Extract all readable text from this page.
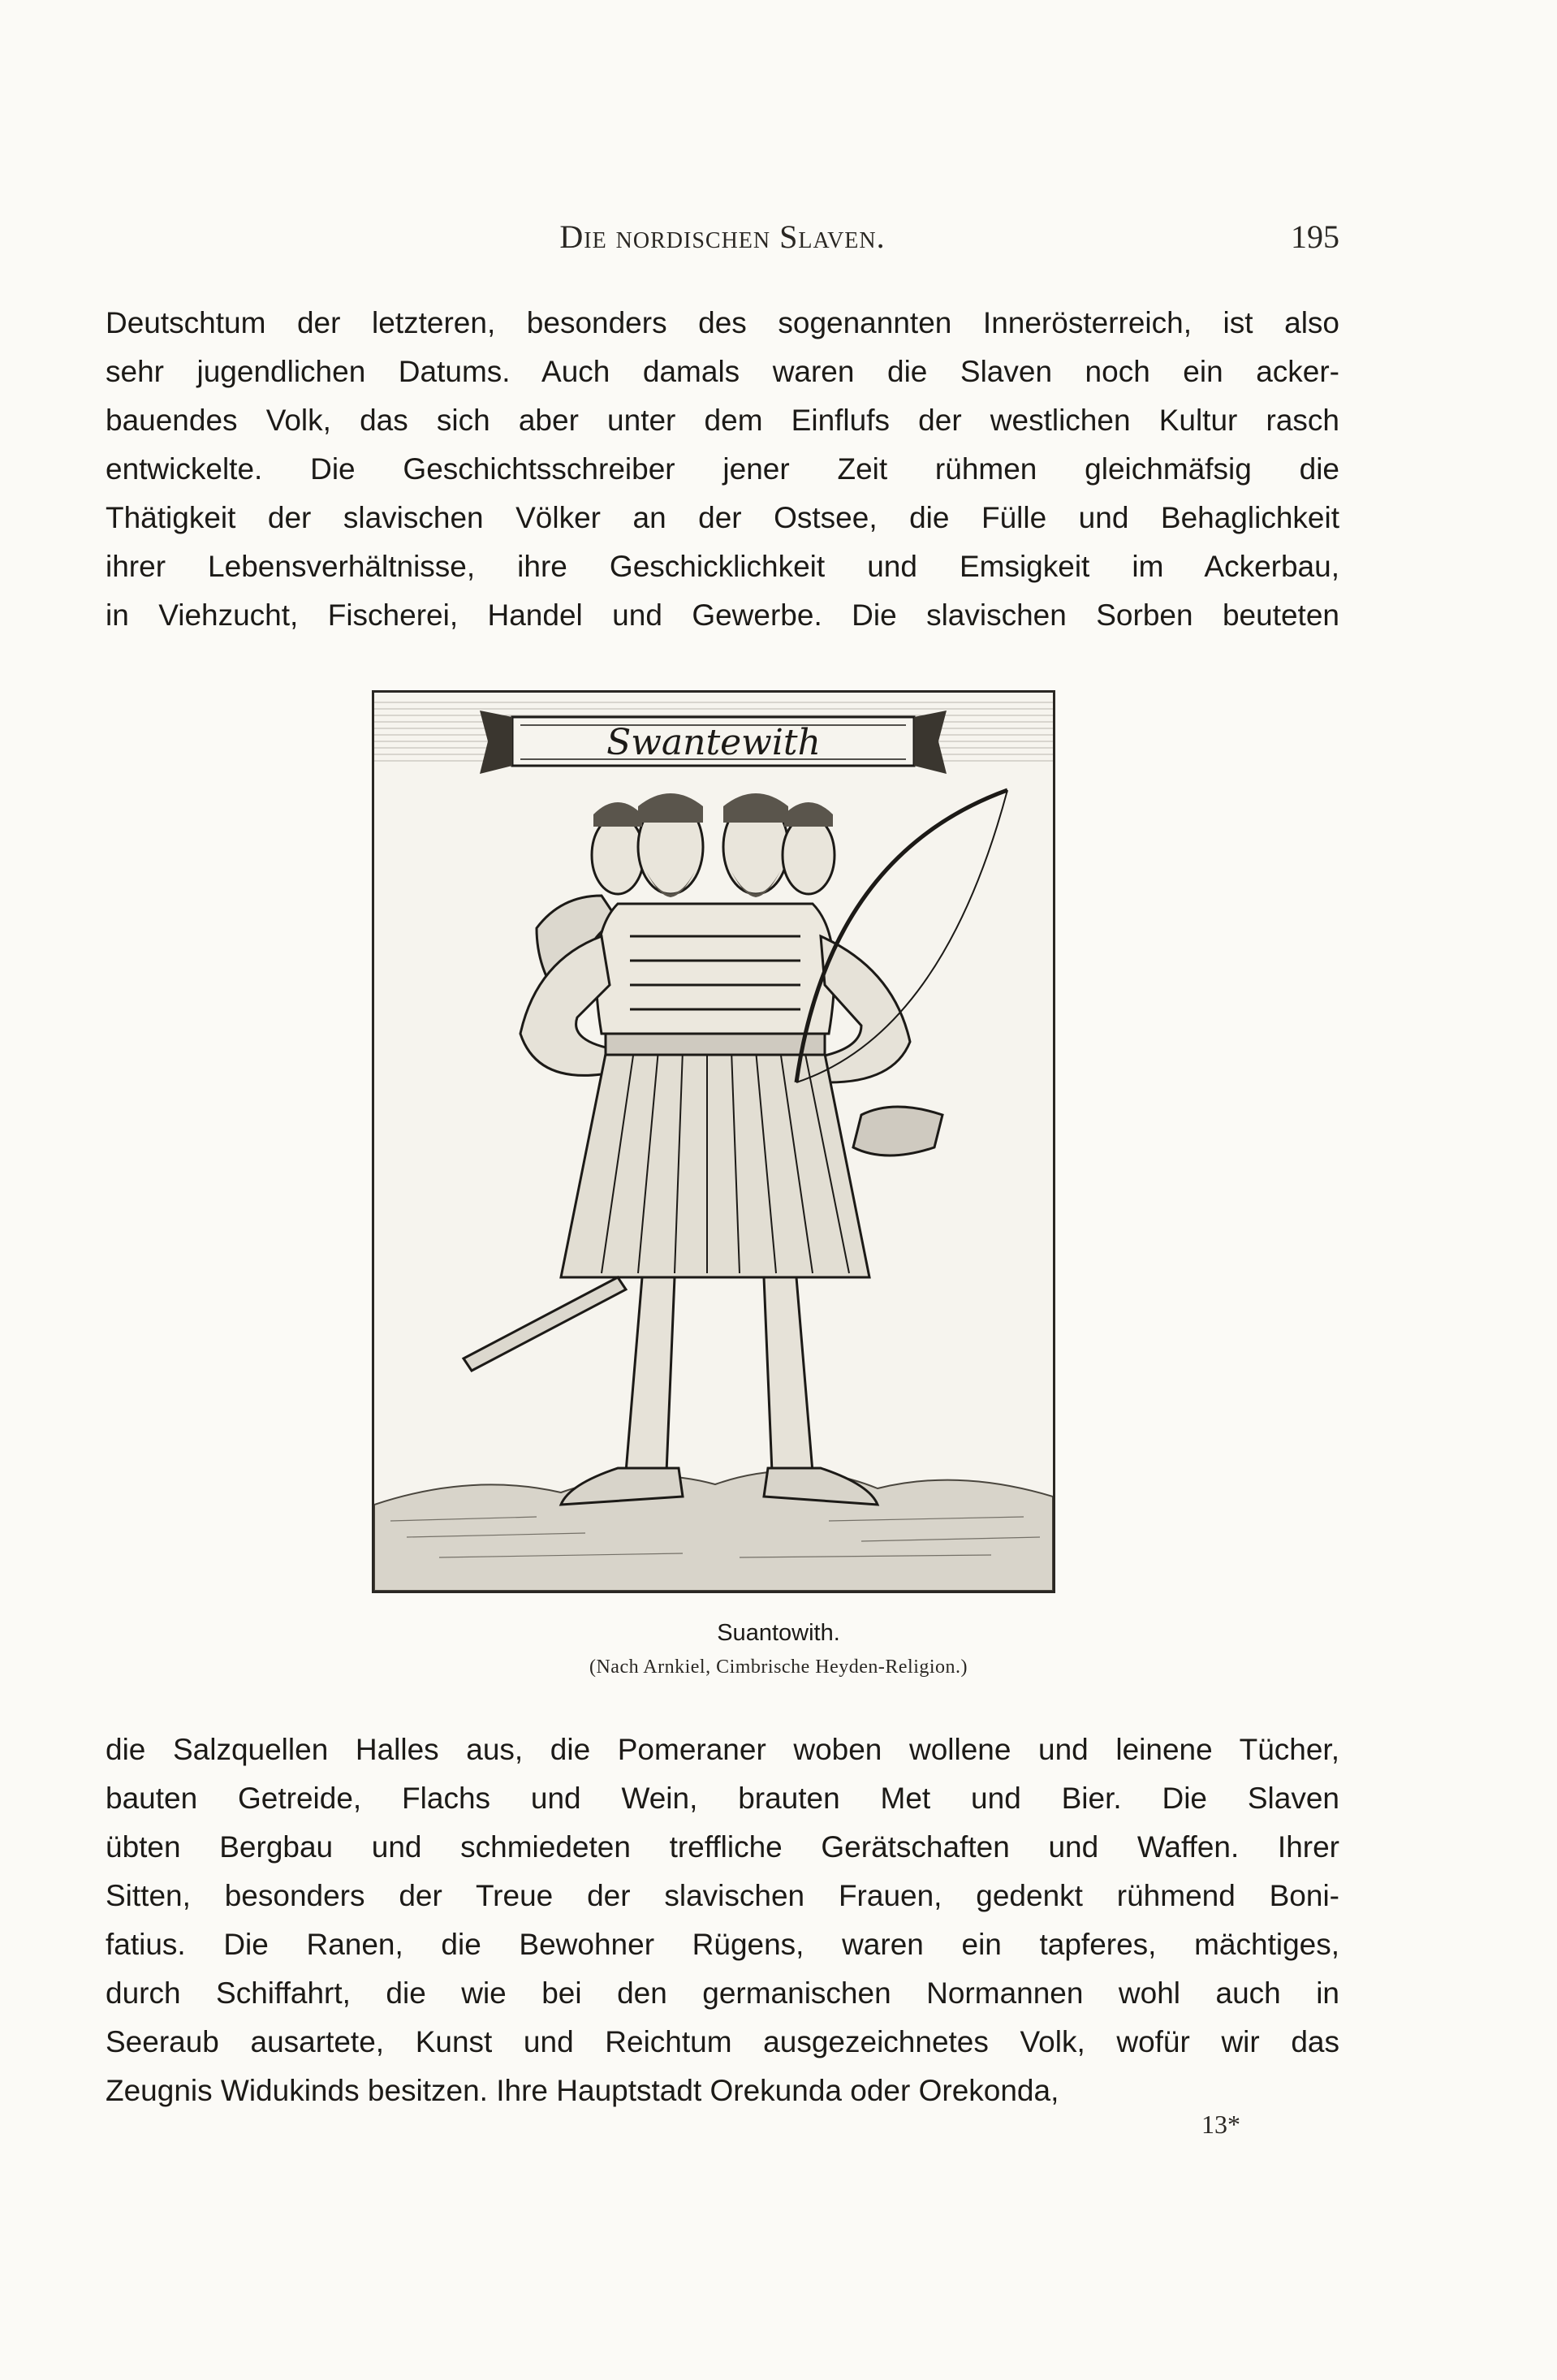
Die nordischen Slaven.	195
Deutschtum der letzteren, besonders des sogenannten Innerösterreich, ist also
sehr jugendlichen Datums. Auch damals waren die Slaven noch ein acker-
bauendes Volk, das sich aber unter dem Einflufs der westlichen Kultur rasch
entwickelte. Die Geschichtsschreiber jener Zeit rühmen gleichmäfsig die
Thätigkeit der slavischen Völker an der Ostsee, die Fülle und Behaglichkeit
ihrer Lebensverhältnisse, ihre Geschicklichkeit und Emsigkeit im Ackerbau,
in Viehzucht, Fischerei, Handel und Gewerbe. Die slavischen Sorben beuteten
Swantewith
Suantowith.
(Nach Arnkiel, Cimbrische Heyden-Religion.)
die Salzquellen Halles aus, die Pomeraner woben wollene und leinene Tücher,
bauten Getreide, Flachs und Wein, brauten Met und Bier. Die Slaven
übten Bergbau und schmiedeten treffliche Gerätschaften und Waffen. Ihrer
Sitten, besonders der Treue der slavischen Frauen, gedenkt rühmend Boni-
fatius. Die Ranen, die Bewohner Rügens, waren ein tapferes, mächtiges,
durch Schiffahrt, die wie bei den germanischen Normannen wohl auch in
Seeraub ausartete, Kunst und Reichtum ausgezeichnetes Volk, wofür wir das
Zeugnis Widukinds besitzen. Ihre Hauptstadt Orekunda oder Orekonda,
13*
